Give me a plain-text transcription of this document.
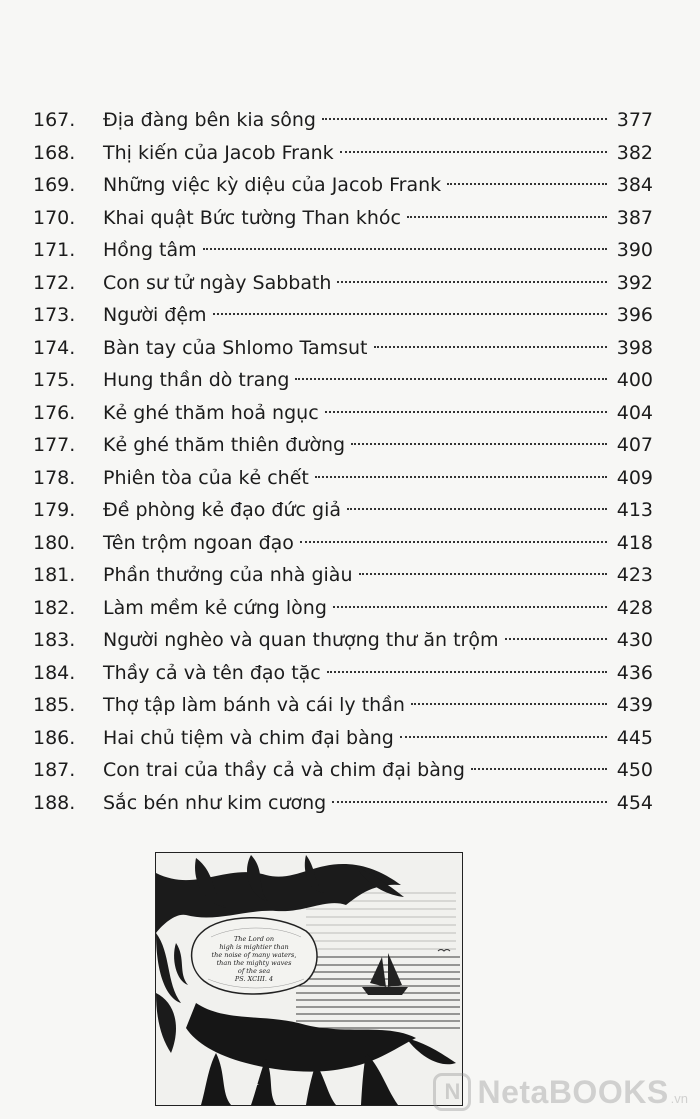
167.	Địa đàng bên kia sông	377
168.	Thị kiến của Jacob Frank	382
169.	Những việc kỳ diệu của Jacob Frank	384
170.	Khai quật Bức tường Than khóc	387
171.	Hồng tâm	390
172.	Con sư tử ngày Sabbath	392
173.	Người đệm	396
174.	Bàn tay của Shlomo Tamsut	398
175.	Hung thần dò trang	400
176.	Kẻ ghé thăm hoả ngục	404
177.	Kẻ ghé thăm thiên đường	407
178.	Phiên tòa của kẻ chết	409
179.	Đề phòng kẻ đạo đức giả	413
180.	Tên trộm ngoan đạo	418
181.	Phần thưởng của nhà giàu	423
182.	Làm mềm kẻ cứng lòng	428
183.	Người nghèo và quan thượng thư ăn trộm	430
184.	Thầy cả và tên đạo tặc	436
185.	Thợ tập làm bánh và cái ly thần	439
186.	Hai chủ tiệm và chim đại bàng	445
187.	Con trai của thầy cả và chim đại bàng	450
188.	Sắc bén như kim cương	454
The Lord on
high is mightier than
the noise of many waters,
than the mighty waves
of the sea
PS. XCIII. 4
JK	N NetaBOOKS .vn
